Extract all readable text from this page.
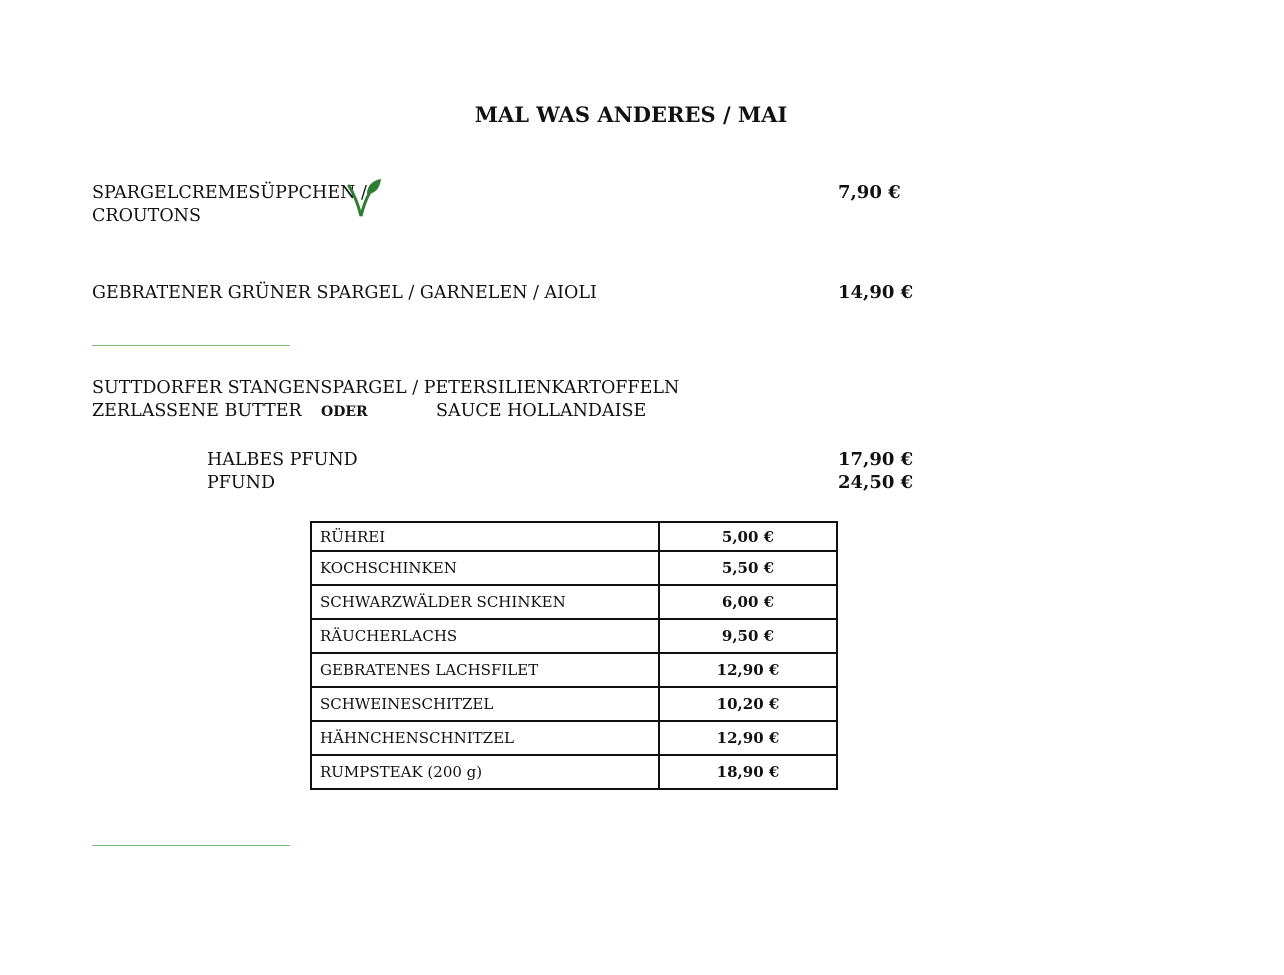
MAL WAS ANDERES / MAI
SPARGELCREMESÜPPCHEN /
CROUTONS
7,90 €
GEBRATENER GRÜNER SPARGEL / GARNELEN / AIOLI	14,90 €
SUTTDORFER STANGENSPARGEL / PETERSILIENKARTOFFELN
ZERLASSENE BUTTER ODER	SAUCE HOLLANDAISE
HALBES PFUND	17,90 €
PFUND	24,50 €
RÜHREI	5,00 €
KOCHSCHINKEN	5,50 €
SCHWARZWÄLDER SCHINKEN	6,00 €
RÄUCHERLACHS	9,50 €
GEBRATENES LACHSFILET	12,90 €
SCHWEINESCHITZEL	10,20 €
HÄHNCHENSCHNITZEL	12,90 €
RUMPSTEAK (200 g)	18,90 €
